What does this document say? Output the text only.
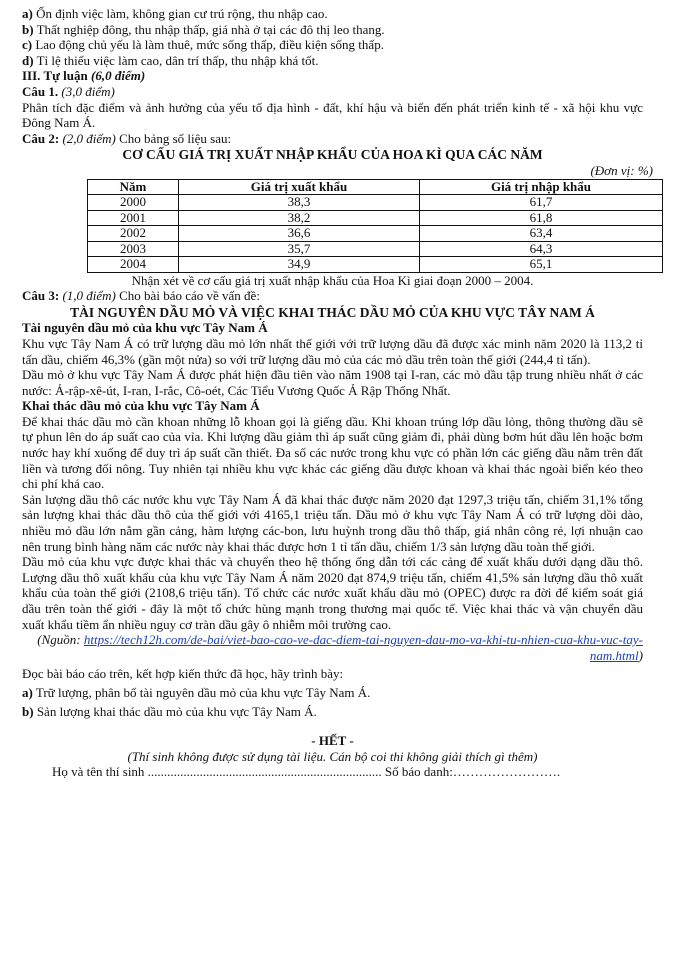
a) Ổn định việc làm, không gian cư trú rộng, thu nhập cao.

b) Thất nghiệp đông, thu nhập thấp, giá nhà ở tại các đô thị leo thang.

c) Lao động chủ yếu là làm thuê, mức sống thấp, điều kiện sống thấp.

d) Tỉ lệ thiếu việc làm cao, dân trí thấp, thu nhập khá tốt.

III. Tự luận (6,0 điểm)

Câu 1. (3,0 điểm)

Phân tích đặc điểm và ảnh hưởng của yếu tố địa hình - đất, khí hậu và biển đến phát triển kinh tế - xã hội khu vực Đông Nam Á.

Câu 2: (2,0 điểm) Cho bảng số liệu sau:

CƠ CẤU GIÁ TRỊ XUẤT NHẬP KHẨU CỦA HOA KÌ QUA CÁC NĂM

(Đơn vị: %)

Năm	Giá trị xuất khẩu	Giá trị nhập khẩu
2000	38,3	61,7
2001	38,2	61,8
2002	36,6	63,4
2003	35,7	64,3
2004	34,9	65,1

Nhận xét về cơ cấu giá trị xuất nhập khẩu của Hoa Kì giai đoạn 2000 – 2004.

Câu 3: (1,0 điểm) Cho bài báo cáo về vấn đề:

TÀI NGUYÊN DẦU MỎ VÀ VIỆC KHAI THÁC DẦU MỎ CỦA KHU VỰC TÂY NAM Á

Tài nguyên dầu mỏ của khu vực Tây Nam Á

Khu vực Tây Nam Á có trữ lượng dầu mỏ lớn nhất thế giới với trữ lượng dầu đã được xác minh năm 2020 là 113,2 tỉ tấn dầu, chiếm 46,3% (gần một nửa) so với trữ lượng dầu mỏ của các mỏ dầu trên toàn thế giới (244,4 tỉ tấn).

Dầu mỏ ở khu vực Tây Nam Á được phát hiện đầu tiên vào năm 1908 tại I-ran, các mỏ dầu tập trung nhiều nhất ở các nước: Ả-rập-xê-út, I-ran, I-rắc, Cô-oét, Các Tiểu Vương Quốc Ả Rập Thống Nhất.

Khai thác dầu mỏ của khu vực Tây Nam Á

Để khai thác dầu mỏ cần khoan những lỗ khoan gọi là giếng dầu. Khi khoan trúng lớp dầu lỏng, thông thường dầu sẽ tự phun lên do áp suất cao của vỉa. Khi lượng dầu giảm thì áp suất cũng giảm đi, phải dùng bơm hút dầu lên hoặc bơm nước hay khí xuống để duy trì áp suất cần thiết. Đa số các nước trong khu vực có phần lớn các giếng dầu nằm trên đất liền và tương đối nông. Tuy nhiên tại nhiều khu vực khác các giếng dầu được khoan và khai thác ngoài biển kéo theo chi phí khá cao.

Sản lượng dầu thô các nước khu vực Tây Nam Á đã khai thác được năm 2020 đạt 1297,3 triệu tấn, chiếm 31,1% tổng sản lượng khai thác dầu thô của thế giới với 4165,1 triệu tấn. Dầu mỏ ở khu vực Tây Nam Á có trữ lượng dồi dào, nhiều mỏ dầu lớn nằm gần cảng, hàm lượng các-bon, lưu huỳnh trong dầu thô thấp, giá nhân công rẻ, lợi nhuận cao nên trung bình hàng năm các nước này khai thác được hơn 1 tỉ tấn dầu, chiếm 1/3 sản lượng dầu toàn thế giới.

Dầu mỏ của khu vực được khai thác và chuyển theo hệ thống ống dẫn tới các cảng để xuất khẩu dưới dạng dầu thô. Lượng dầu thô xuất khẩu của khu vực Tây Nam Á năm 2020 đạt 874,9 triệu tấn, chiếm 41,5% sản lượng dầu thô xuất khẩu của toàn thế giới (2108,6 triệu tấn). Tổ chức các nước xuất khẩu dầu mỏ (OPEC) được ra đời để kiểm soát giá dầu trên toàn thế giới - đây là một tổ chức hùng mạnh trong thương mại quốc tế. Việc khai thác và vận chuyển dầu xuất khẩu tiềm ẩn nhiều nguy cơ tràn dầu gây ô nhiễm môi trường cao.

(Nguồn: https://tech12h.com/de-bai/viet-bao-cao-ve-dac-diem-tai-nguyen-dau-mo-va-khi-tu-nhien-cua-khu-vuc-tay-nam.html)

Đọc bài báo cáo trên, kết hợp kiến thức đã học, hãy trình bày:

a) Trữ lượng, phân bố tài nguyên dầu mỏ của khu vực Tây Nam Á.

b) Sản lượng khai thác dầu mỏ của khu vực Tây Nam Á.

- HẾT -

(Thí sinh không được sử dụng tài liệu. Cán bộ coi thi không giải thích gì thêm)

Họ và tên thí sinh ........................................................................ Số báo danh:…………………….
